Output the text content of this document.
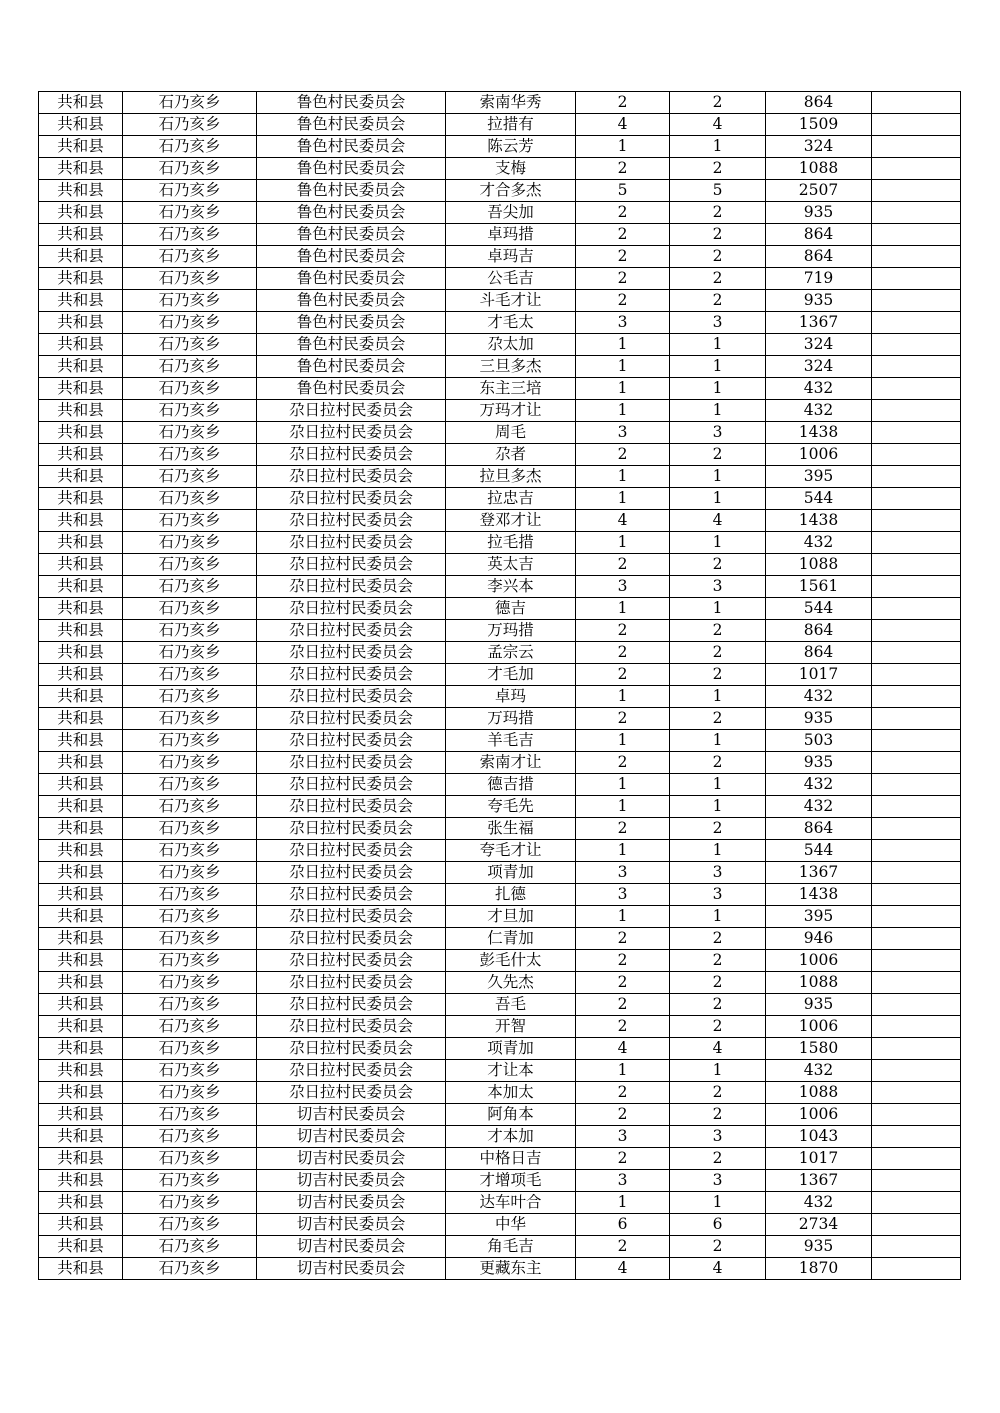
共和县	石乃亥乡	鲁色村民委员会	索南华秀	2	2	864	
共和县	石乃亥乡	鲁色村民委员会	拉措有	4	4	1509	
共和县	石乃亥乡	鲁色村民委员会	陈云芳	1	1	324	
共和县	石乃亥乡	鲁色村民委员会	支梅	2	2	1088	
共和县	石乃亥乡	鲁色村民委员会	才合多杰	5	5	2507	
共和县	石乃亥乡	鲁色村民委员会	吾尖加	2	2	935	
共和县	石乃亥乡	鲁色村民委员会	卓玛措	2	2	864	
共和县	石乃亥乡	鲁色村民委员会	卓玛吉	2	2	864	
共和县	石乃亥乡	鲁色村民委员会	公毛吉	2	2	719	
共和县	石乃亥乡	鲁色村民委员会	斗毛才让	2	2	935	
共和县	石乃亥乡	鲁色村民委员会	才毛太	3	3	1367	
共和县	石乃亥乡	鲁色村民委员会	尕太加	1	1	324	
共和县	石乃亥乡	鲁色村民委员会	三旦多杰	1	1	324	
共和县	石乃亥乡	鲁色村民委员会	东主三培	1	1	432	
共和县	石乃亥乡	尕日拉村民委员会	万玛才让	1	1	432	
共和县	石乃亥乡	尕日拉村民委员会	周毛	3	3	1438	
共和县	石乃亥乡	尕日拉村民委员会	尕者	2	2	1006	
共和县	石乃亥乡	尕日拉村民委员会	拉旦多杰	1	1	395	
共和县	石乃亥乡	尕日拉村民委员会	拉忠吉	1	1	544	
共和县	石乃亥乡	尕日拉村民委员会	登邓才让	4	4	1438	
共和县	石乃亥乡	尕日拉村民委员会	拉毛措	1	1	432	
共和县	石乃亥乡	尕日拉村民委员会	英太吉	2	2	1088	
共和县	石乃亥乡	尕日拉村民委员会	李兴本	3	3	1561	
共和县	石乃亥乡	尕日拉村民委员会	德吉	1	1	544	
共和县	石乃亥乡	尕日拉村民委员会	万玛措	2	2	864	
共和县	石乃亥乡	尕日拉村民委员会	孟宗云	2	2	864	
共和县	石乃亥乡	尕日拉村民委员会	才毛加	2	2	1017	
共和县	石乃亥乡	尕日拉村民委员会	卓玛	1	1	432	
共和县	石乃亥乡	尕日拉村民委员会	万玛措	2	2	935	
共和县	石乃亥乡	尕日拉村民委员会	羊毛吉	1	1	503	
共和县	石乃亥乡	尕日拉村民委员会	索南才让	2	2	935	
共和县	石乃亥乡	尕日拉村民委员会	德吉措	1	1	432	
共和县	石乃亥乡	尕日拉村民委员会	夸毛先	1	1	432	
共和县	石乃亥乡	尕日拉村民委员会	张生福	2	2	864	
共和县	石乃亥乡	尕日拉村民委员会	夸毛才让	1	1	544	
共和县	石乃亥乡	尕日拉村民委员会	项青加	3	3	1367	
共和县	石乃亥乡	尕日拉村民委员会	扎德	3	3	1438	
共和县	石乃亥乡	尕日拉村民委员会	才旦加	1	1	395	
共和县	石乃亥乡	尕日拉村民委员会	仁青加	2	2	946	
共和县	石乃亥乡	尕日拉村民委员会	彭毛什太	2	2	1006	
共和县	石乃亥乡	尕日拉村民委员会	久先杰	2	2	1088	
共和县	石乃亥乡	尕日拉村民委员会	吾毛	2	2	935	
共和县	石乃亥乡	尕日拉村民委员会	开智	2	2	1006	
共和县	石乃亥乡	尕日拉村民委员会	项青加	4	4	1580	
共和县	石乃亥乡	尕日拉村民委员会	才让本	1	1	432	
共和县	石乃亥乡	尕日拉村民委员会	本加太	2	2	1088	
共和县	石乃亥乡	切吉村民委员会	阿角本	2	2	1006	
共和县	石乃亥乡	切吉村民委员会	才本加	3	3	1043	
共和县	石乃亥乡	切吉村民委员会	中格日吉	2	2	1017	
共和县	石乃亥乡	切吉村民委员会	才增项毛	3	3	1367	
共和县	石乃亥乡	切吉村民委员会	达车叶合	1	1	432	
共和县	石乃亥乡	切吉村民委员会	中华	6	6	2734	
共和县	石乃亥乡	切吉村民委员会	角毛吉	2	2	935	
共和县	石乃亥乡	切吉村民委员会	更藏东主	4	4	1870	
